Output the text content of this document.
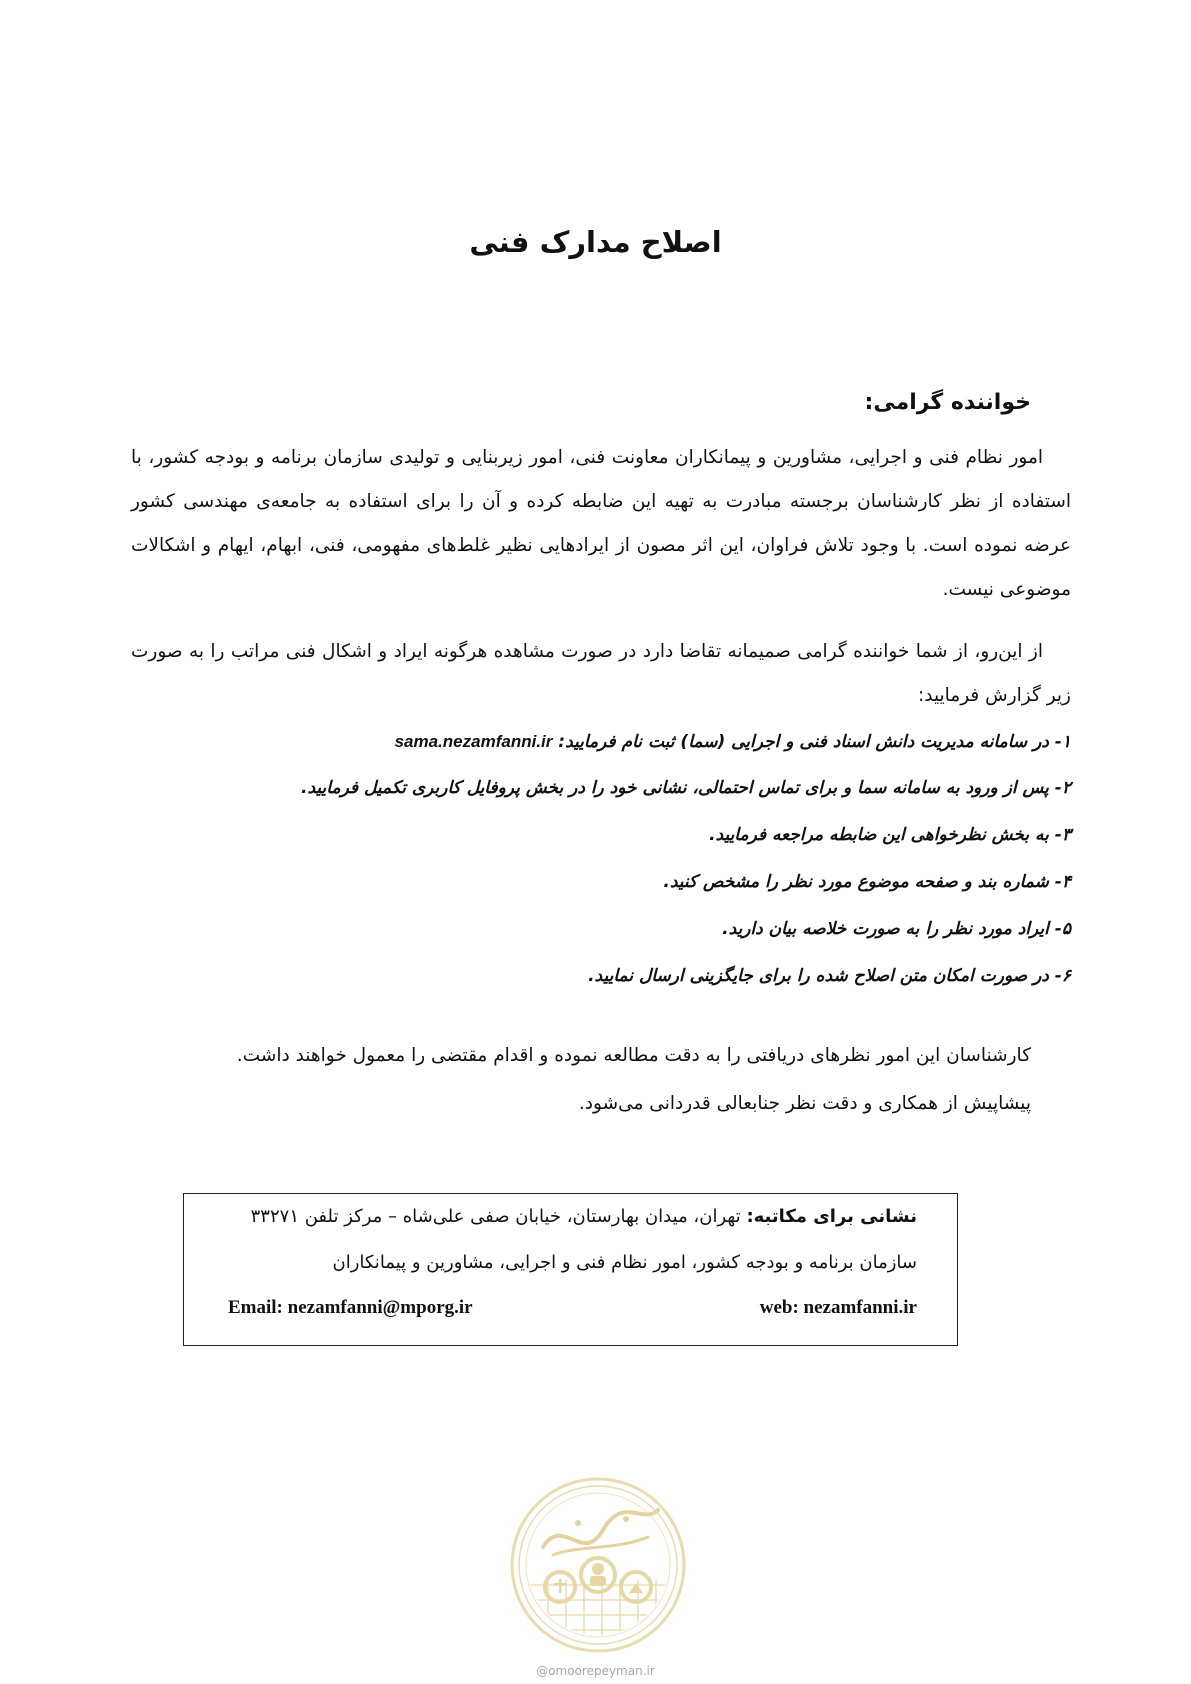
اصلاح مدارک فنی
خواننده گرامی:

امور نظام فنی و اجرایی، مشاورین و پیمانکاران معاونت فنی، امور زیربنایی و تولیدی سازمان برنامه و بودجه کشور، با استفاده از نظر کارشناسان برجسته مبادرت به تهیه این ضابطه کرده و آن را برای استفاده به جامعه‌ی مهندسی کشور عرضه نموده است. با وجود تلاش فراوان، این اثر مصون از ایرادهایی نظیر غلط‌های مفهومی، فنی، ابهام، ایهام و اشکالات موضوعی نیست.

از این‌رو، از شما خواننده گرامی صمیمانه تقاضا دارد در صورت مشاهده هرگونه ایراد و اشکال فنی مراتب را به صورت زیر گزارش فرمایید:

۱- در سامانه مدیریت دانش اسناد فنی و اجرایی (سما) ثبت نام فرمایید: sama.nezamfanni.ir
۲- پس از ورود به سامانه سما و برای تماس احتمالی، نشانی خود را در بخش پروفایل کاربری تکمیل فرمایید.
۳- به بخش نظرخواهی این ضابطه مراجعه فرمایید.
۴- شماره بند و صفحه موضوع مورد نظر را مشخص کنید.
۵- ایراد مورد نظر را به صورت خلاصه بیان دارید.
۶- در صورت امکان متن اصلاح شده را برای جایگزینی ارسال نمایید.
کارشناسان این امور نظرهای دریافتی را به دقت مطالعه نموده و اقدام مقتضی را معمول خواهند داشت.
پیشاپیش از همکاری و دقت نظر جنابعالی قدردانی می‌شود.
نشانی برای مکاتبه: تهران، میدان بهارستان، خیابان صفی علی‌شاه – مرکز تلفن ۳۳۲۷۱
سازمان برنامه و بودجه کشور، امور نظام فنی و اجرایی، مشاورین و پیمانکاران
Email: nezamfanni@mporg.ir	web: nezamfanni.ir
@omoorepeyman.ir
